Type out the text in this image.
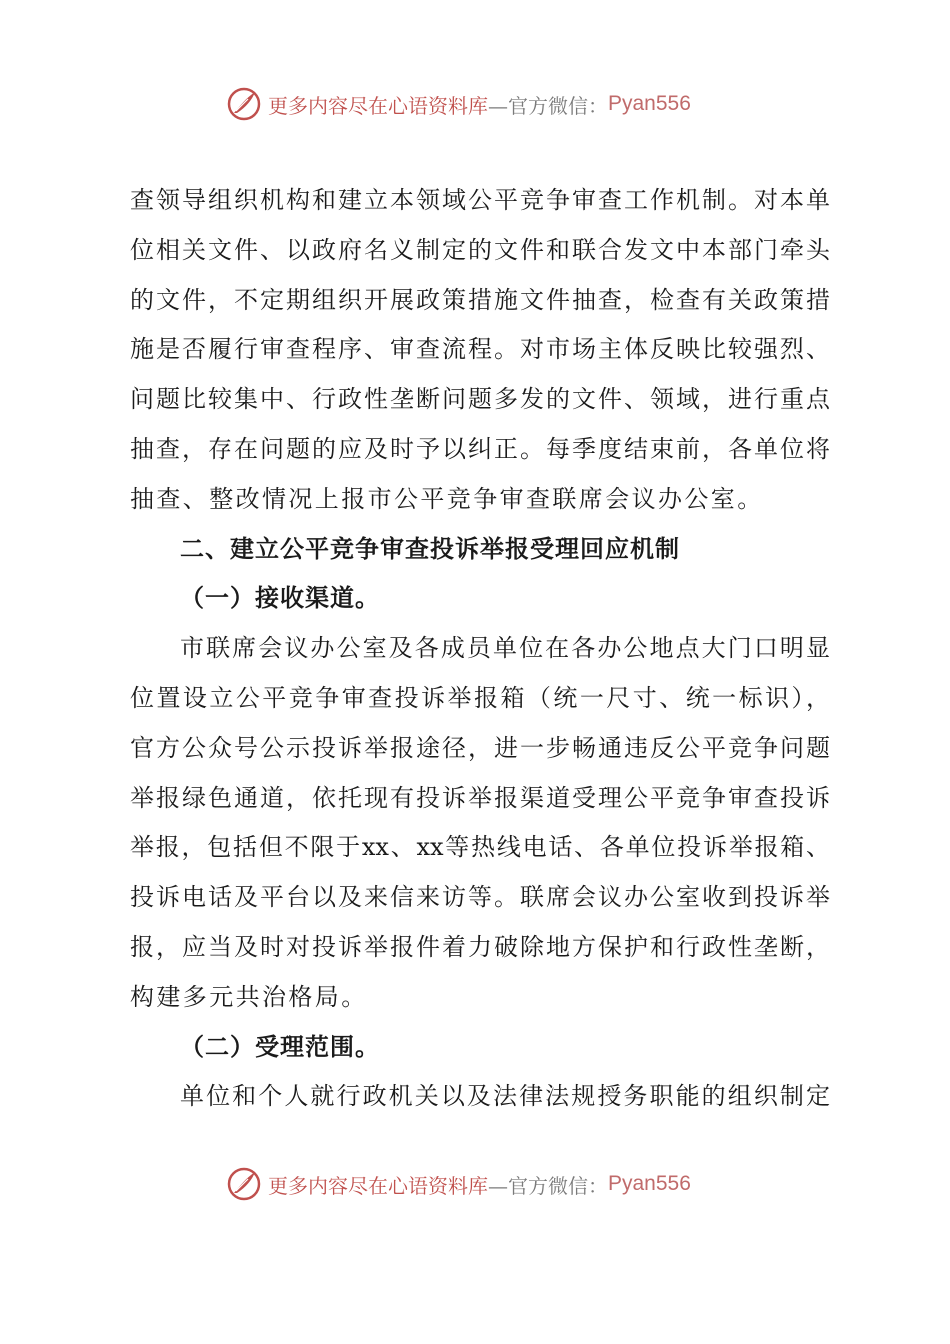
更多内容尽在心语资料库 —官方微信： Pyan556
查领导组织机构和建立本领域公平竞争审查工作机制。对本单
位相关文件、以政府名义制定的文件和联合发文中本部门牵头
的文件，不定期组织开展政策措施文件抽查，检查有关政策措
施是否履行审查程序、审查流程。对市场主体反映比较强烈、
问题比较集中、行政性垄断问题多发的文件、领域，进行重点
抽查，存在问题的应及时予以纠正。每季度结束前，各单位将
抽查、整改情况上报市公平竞争审查联席会议办公室。
二、建立公平竞争审查投诉举报受理回应机制
（一）接收渠道。
市联席会议办公室及各成员单位在各办公地点大门口明显
位置设立公平竞争审查投诉举报箱（统一尺寸、统一标识），
官方公众号公示投诉举报途径，进一步畅通违反公平竞争问题
举报绿色通道，依托现有投诉举报渠道受理公平竞争审查投诉
举报，包括但不限于xx、xx等热线电话、各单位投诉举报箱、
投诉电话及平台以及来信来访等。联席会议办公室收到投诉举
报，应当及时对投诉举报件着力破除地方保护和行政性垄断，
构建多元共治格局。
（二）受理范围。
单位和个人就行政机关以及法律法规授务职能的组织制定
更多内容尽在心语资料库 —官方微信： Pyan556
